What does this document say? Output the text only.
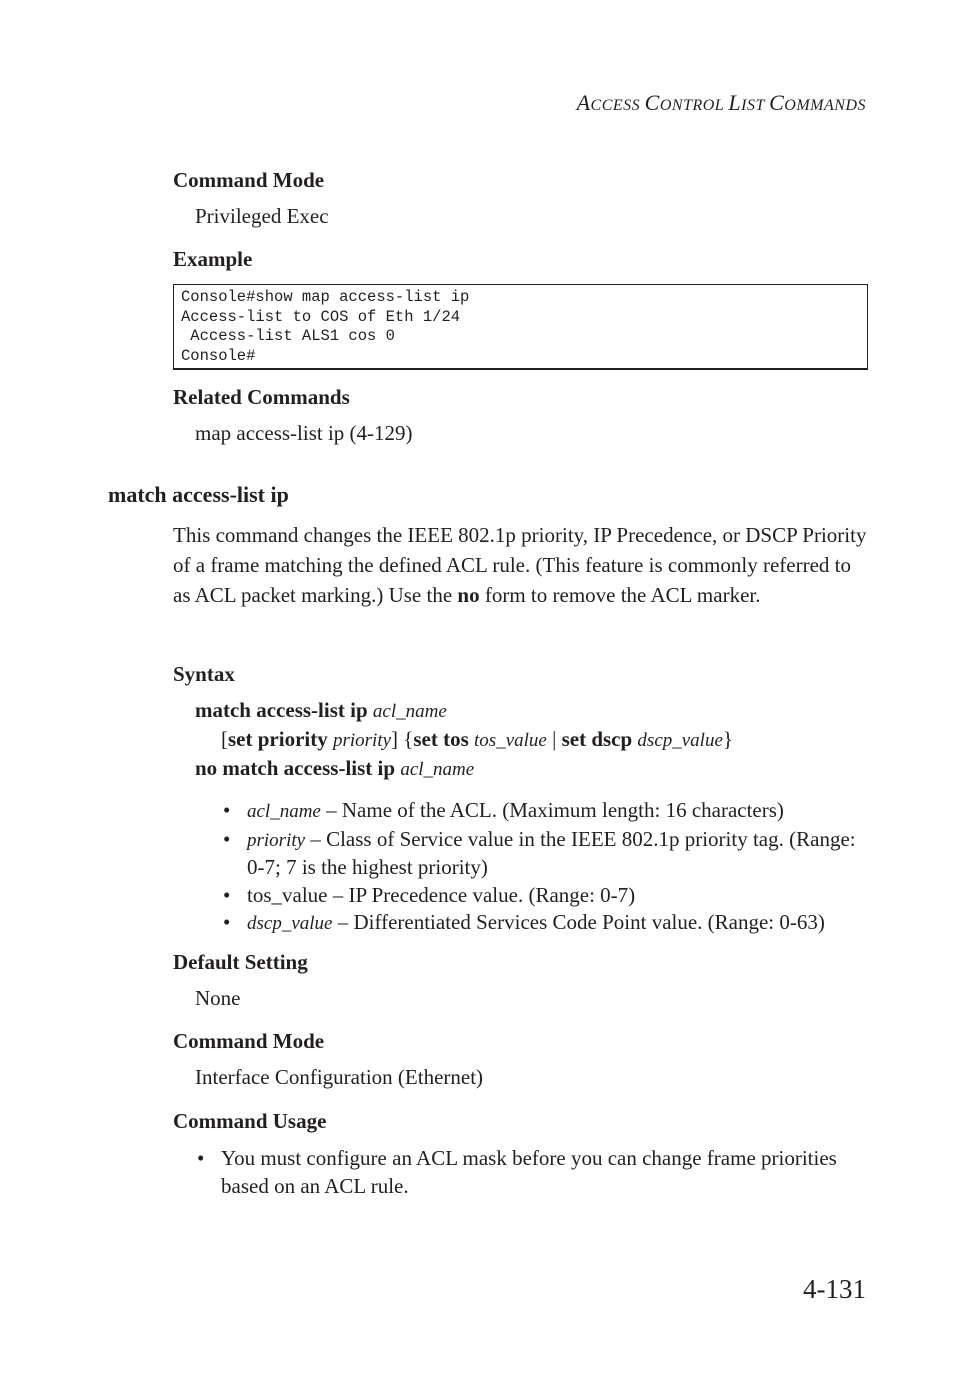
ACCESS CONTROL LIST COMMANDS
Command Mode
Privileged Exec
Example
Console#show map access-list ip
Access-list to COS of Eth 1/24
Access-list ALS1 cos 0
Console#
Related Commands
map access-list ip (4-129)
match access-list ip
This command changes the IEEE 802.1p priority, IP Precedence, or DSCP Priority of a frame matching the defined ACL rule. (This feature is commonly referred to as ACL packet marking.) Use the no form to remove the ACL marker.
Syntax
match access-list ip acl_name
[set priority priority] {set tos tos_value | set dscp dscp_value}
no match access-list ip acl_name
• acl_name – Name of the ACL. (Maximum length: 16 characters)
• priority – Class of Service value in the IEEE 802.1p priority tag. (Range: 0-7; 7 is the highest priority)
• tos_value – IP Precedence value. (Range: 0-7)
• dscp_value – Differentiated Services Code Point value. (Range: 0-63)
Default Setting
None
Command Mode
Interface Configuration (Ethernet)
Command Usage
• You must configure an ACL mask before you can change frame priorities based on an ACL rule.
4-131
